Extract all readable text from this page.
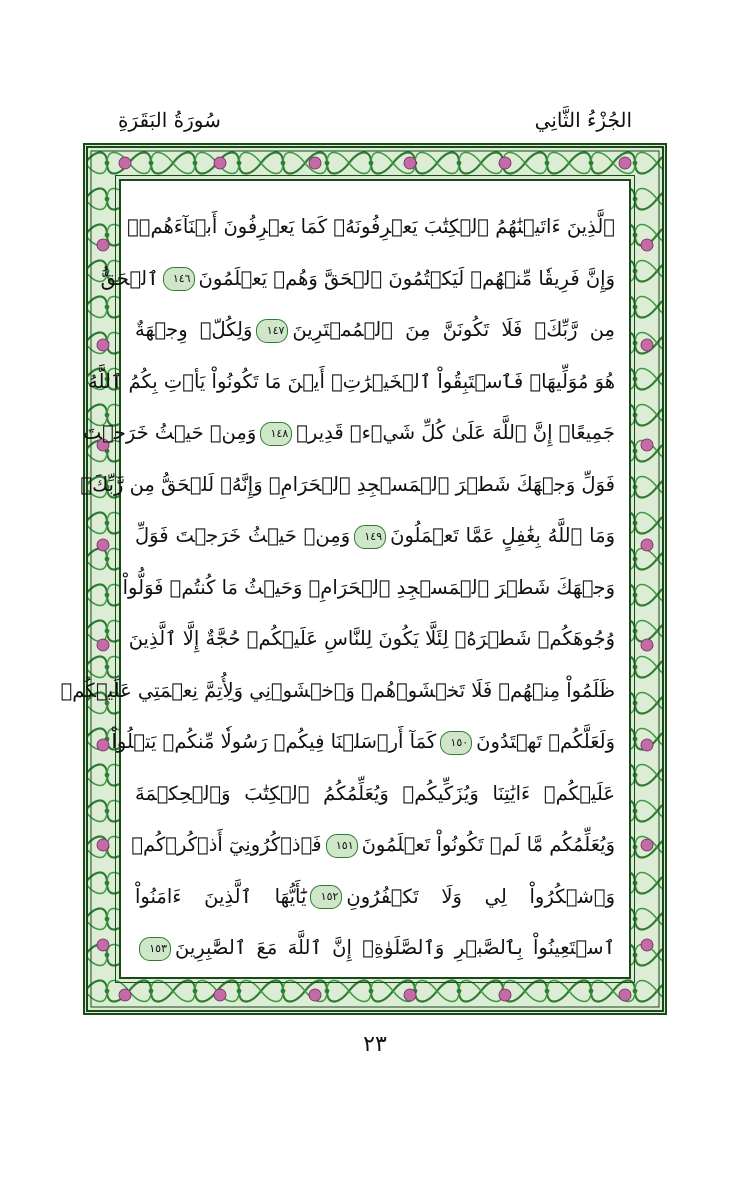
سُورَةُ البَقَرَةِ	الجُزْءُ الثَّانِي
ٱلَّذِينَ ءَاتَيۡنَٰهُمُ ٱلۡكِتَٰبَ يَعۡرِفُونَهُۥ كَمَا يَعۡرِفُونَ أَبۡنَآءَهُمۡۖ
وَإِنَّ فَرِيقٗا مِّنۡهُمۡ لَيَكۡتُمُونَ ٱلۡحَقَّ وَهُمۡ يَعۡلَمُونَ١٤٦ٱلۡحَقُّ
مِن رَّبِّكَۖ فَلَا تَكُونَنَّ مِنَ ٱلۡمُمۡتَرِينَ١٤٧وَلِكُلّٖ وِجۡهَةٌ
هُوَ مُوَلِّيهَاۖ فَٱسۡتَبِقُواْ ٱلۡخَيۡرَٰتِۚ أَيۡنَ مَا تَكُونُواْ يَأۡتِ بِكُمُ ٱللَّهُ
جَمِيعًاۚ إِنَّ ٱللَّهَ عَلَىٰ كُلِّ شَيۡءٖ قَدِيرٞ١٤٨وَمِنۡ حَيۡثُ خَرَجۡتَ
فَوَلِّ وَجۡهَكَ شَطۡرَ ٱلۡمَسۡجِدِ ٱلۡحَرَامِۖ وَإِنَّهُۥ لَلۡحَقُّ مِن رَّبِّكَۗ
وَمَا ٱللَّهُ بِغَٰفِلٍ عَمَّا تَعۡمَلُونَ١٤٩وَمِنۡ حَيۡثُ خَرَجۡتَ فَوَلِّ
وَجۡهَكَ شَطۡرَ ٱلۡمَسۡجِدِ ٱلۡحَرَامِۚ وَحَيۡثُ مَا كُنتُمۡ فَوَلُّواْ
وُجُوهَكُمۡ شَطۡرَهُۥ لِئَلَّا يَكُونَ لِلنَّاسِ عَلَيۡكُمۡ حُجَّةٌ إِلَّا ٱلَّذِينَ
ظَلَمُواْ مِنۡهُمۡ فَلَا تَخۡشَوۡهُمۡ وَٱخۡشَوۡنِي وَلِأُتِمَّ نِعۡمَتِي عَلَيۡكُمۡ
وَلَعَلَّكُمۡ تَهۡتَدُونَ١٥٠كَمَآ أَرۡسَلۡنَا فِيكُمۡ رَسُولٗا مِّنكُمۡ يَتۡلُواْ
عَلَيۡكُمۡ ءَايَٰتِنَا وَيُزَكِّيكُمۡ وَيُعَلِّمُكُمُ ٱلۡكِتَٰبَ وَٱلۡحِكۡمَةَ
وَيُعَلِّمُكُم مَّا لَمۡ تَكُونُواْ تَعۡلَمُونَ١٥١فَٱذۡكُرُونِيٓ أَذۡكُرۡكُمۡ
وَٱشۡكُرُواْ لِي وَلَا تَكۡفُرُونِ١٥٢يَٰٓأَيُّهَا ٱلَّذِينَ ءَامَنُواْ
ٱسۡتَعِينُواْ بِٱلصَّبۡرِ وَٱلصَّلَوٰةِۚ إِنَّ ٱللَّهَ مَعَ ٱلصَّٰبِرِينَ١٥٣
٢٣
